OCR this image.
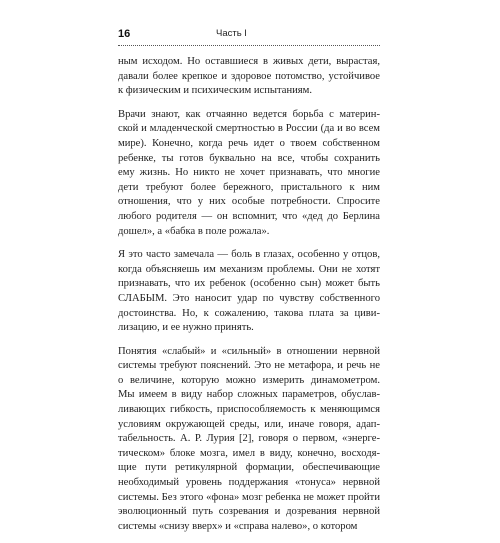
16	Часть I

ным исходом. Но оставшиеся в живых дети, вырастая,
давали более крепкое и здоровое потомство, устойчивое
к физическим и психическим испытаниям.

Врачи знают, как отчаянно ведется борьба с материн-
ской и младенческой смертностью в России (да и во всем
мире). Конечно, когда речь идет о твоем собственном
ребенке, ты готов буквально на все, чтобы сохранить
ему жизнь. Но никто не хочет признавать, что многие
дети требуют более бережного, пристального к ним
отношения, что у них особые потребности. Спросите
любого родителя — он вспомнит, что «дед до Берлина
дошел», а «бабка в поле рожала».

Я это часто замечала — боль в глазах, особенно у отцов,
когда объясняешь им механизм проблемы. Они не хотят
признавать, что их ребенок (особенно сын) может быть
СЛАБЫМ. Это наносит удар по чувству собственного
достоинства. Но, к сожалению, такова плата за циви-
лизацию, и ее нужно принять.

Понятия «слабый» и «сильный» в отношении нервной
системы требуют пояснений. Это не метафора, и речь не
о величине, которую можно измерить динамометром.
Мы имеем в виду набор сложных параметров, обуслав-
ливающих гибкость, приспособляемость к меняющимся
условиям окружающей среды, или, иначе говоря, адап-
табельность. А. Р. Лурия [2], говоря о первом, «энерге-
тическом» блоке мозга, имел в виду, конечно, восходя-
щие пути ретикулярной формации, обеспечивающие
необходимый уровень поддержания «тонуса» нервной
системы. Без этого «фона» мозг ребенка не может пройти
эволюционный путь созревания и дозревания нервной
системы «снизу вверх» и «справа налево», о котором
